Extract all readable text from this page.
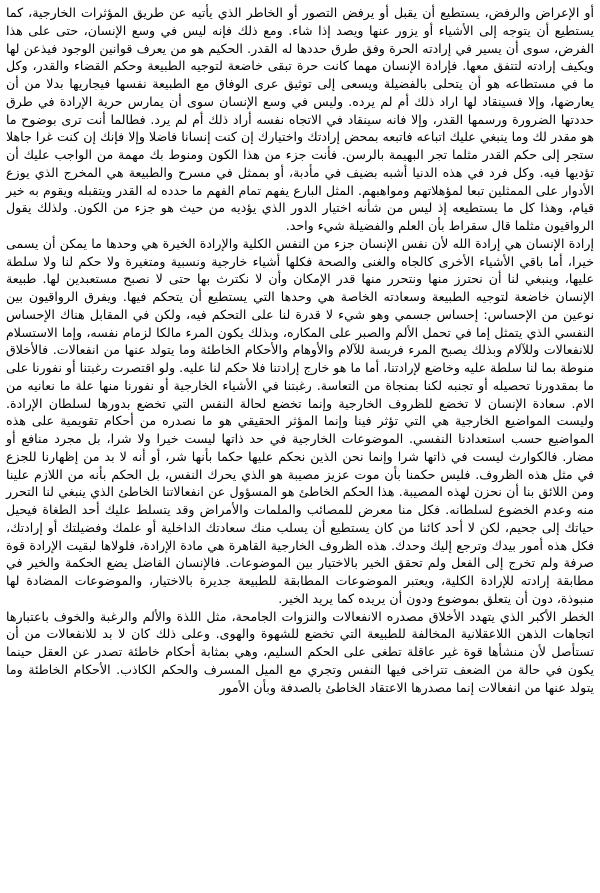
أو الإعراض والرفض، يستطيع أن يقبل أو يرفض التصور أو الخاطر الذي يأتيه عن طريق المؤثرات الخارجية، كما يستطيع أن يتوجه إلى الأشياء أو يزور عنها ويصد إذا شاء. ومع ذلك فإنه ليس في وسع الإنسان، حتى على هذا الفرض، سوى أن يسير في إرادته الحرة وفق طرق حددها له القدر. الحكيم هو من يعرف قوانين الوجود فيذعن لها ويكيف إرادته لتتفق معها. فإرادة الإنسان مهما كانت حرة تبقى خاضعة لتوجيه الطبيعة وحكم القضاء والقدر، وكل ما في مستطاعه هو أن يتحلى بالفضيلة ويسعى إلى توثيق عرى الوفاق مع الطبيعة نفسها فيجاريها بدلا من أن يعارضها، وإلا فسينقاد لها اراد ذلك أم لم يرده. وليس في وسع الإنسان سوى أن يمارس حرية الإرادة في طرق حددتها الضرورة ورسمها القدر، وإلا فانه سينقاد في الاتجاه نفسه أراد ذلك أم لم يرد. فطالما أنت ترى بوضوح ما هو مقدر لك وما ينبغي عليك اتباعه فاتبعه بمحض إرادتك واختيارك إن كنت إنسانا فاضلا وإلا فإنك إن كنت غرا جاهلا ستجر إلى حكم القدر مثلما تجر البهيمة بالرسن. فأنت جزء من هذا الكون ومنوط بك مهمة من الواجب عليك أن تؤديها فيه. وكل فرد في هذه الدنيا أشبه بضيف في مأدبة، أو بممثل في مسرح والطبيعة هي المخرج الذي يوزع الأدوار على الممثلين تبعا لمؤهلاتهم ومواهبهم. المثل البارع يفهم تمام الفهم ما حدده له القدر ويتقبله ويقوم به خير قيام، وهذا كل ما يستطيعه إذ ليس من شأنه اختيار الدور الذي يؤديه من حيث هو جزء من الكون. ولذلك يقول الرواقيون مثلما قال سقراط بأن العلم والفضيلة شيء واحد.

إرادة الإنسان هي إرادة الله لأن نفس الإنسان جزء من النفس الكلية والإرادة الخيرة هي وحدها ما يمكن أن يسمى خيرا، أما باقي الأشياء الأخرى كالجاه والغنى والصحة فكلها أشياء خارجية ونسبية ومتغيرة ولا حكم لنا ولا سلطة عليها، وينبغي لنا أن نحترز منها ونتحرر منها قدر الإمكان وأن لا نكترث بها حتى لا نصبح مستعبدين لها. طبيعة الإنسان خاضعة لتوجيه الطبيعة وسعادته الخاصة هي وحدها التي يستطيع أن يتحكم فيها. ويفرق الرواقيون بين نوعين من الإحساس: إحساس جسمي وهو شيء لا قدرة لنا على التحكم فيه، ولكن في المقابل هناك الإحساس النفسي الذي يتمثل إما في تحمل الألم والصبر على المكاره، وبذلك يكون المرء مالكا لزمام نفسه، وإما الاستسلام للانفعالات وللآلام وبذلك يصبح المرء فريسة للآلام والأوهام والأحكام الخاطئة وما يتولد عنها من انفعالات. فالأخلاق منوطة بما لنا سلطة عليه وخاضع لإرادتنا، أما ما هو خارج إرادتنا فلا حكم لنا عليه. ولو اقتصرت رغبتنا أو نفورنا على ما بمقدورنا تحصيله أو تجنبه لكنا بمنجاة من التعاسة. رغبتنا في الأشياء الخارجية أو نفورنا منها علة ما نعانيه من الام. سعادة الإنسان لا تخضع للظروف الخارجية وإنما تخضع لحالة النفس التي تخضع بدورها لسلطان الإرادة. وليست المواضيع الخارجية هي التي تؤثر فينا وإنما المؤثر الحقيقي هو ما نصدره من أحكام تقويمية على هذه المواضيع حسب استعدادنا النفسي. الموضوعات الخارجية في حد ذاتها ليست خيرا ولا شرا، بل مجرد منافع أو مضار. فالكوارث ليست في ذاتها شرا وإنما نحن الذين نحكم عليها حكما بأنها شر، أو أنه لا بد من إظهارنا للجزع في مثل هذه الظروف. فليس حكمنا بأن موت عزيز مصيبة هو الذي يحرك النفس، بل الحكم بأنه من اللازم علينا ومن اللائق بنا أن نحزن لهذه المصيبة. هذا الحكم الخاطئ هو المسؤول عن انفعالاتنا الخاطئ الذي ينبغي لنا التحرر منه وعدم الخضوع لسلطانه. فكل منا معرض للمصائب والملمات والأمراض وقد يتسلط عليك أحد الطغاة فيحيل حياتك إلى جحيم، لكن لا أحد كائنا من كان يستطيع أن يسلب منك سعادتك الداخلية أو علمك وفضيلتك أو إرادتك، فكل هذه أمور بيدك وترجع إليك وحدك. هذه الظروف الخارجية القاهرة هي مادة الإرادة، فلولاها لبقيت الإرادة قوة صرفة ولم تخرج إلى الفعل ولم تحقق الخير بالاختيار بين الموضوعات. فالإنسان الفاضل يضع الحكمة والخير في مطابقة إرادته للإرادة الكلية، ويعتبر الموضوعات المطابقة للطبيعة جديرة بالاختيار، والموضوعات المضادة لها منبوذة، دون أن يتعلق بموضوع ودون أن يريده كما يريد الخير.

الخطر الأكبر الذي يتهدد الأخلاق مصدره الانفعالات والنزوات الجامحة، مثل اللذة والألم والرغبة والخوف باعتبارها اتجاهات الذهن اللاعقلانية المخالفة للطبيعة التي تخضع للشهوة والهوى. وعلى ذلك كان لا بد للانفعالات من أن تستأصل لأن منشأها قوة غير عاقلة تطغى على الحكم السليم، وهي بمثابة أحكام خاطئة تصدر عن العقل حينما يكون في حالة من الضعف تتراخى فيها النفس وتجري مع الميل المسرف والحكم الكاذب. الأحكام الخاطئة وما يتولد عنها من انفعالات إنما مصدرها الاعتقاد الخاطئ بالصدفة وبأن الأمور
